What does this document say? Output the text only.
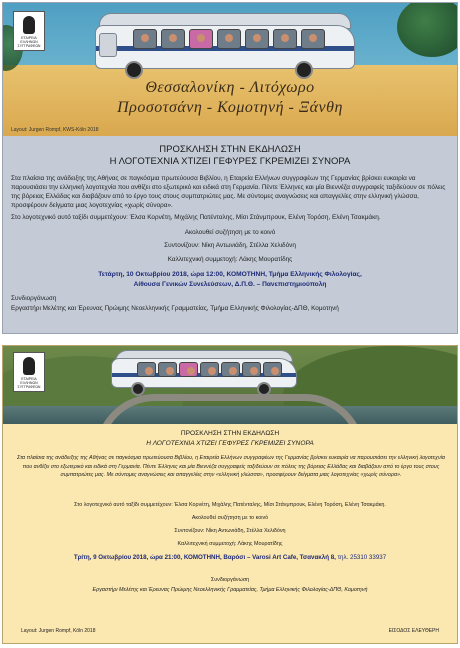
ΕΤΑΙΡΕΙΑ ΕΛΛΗΝΩΝ ΣΥΓΓΡΑΦΕΩΝ
Θεσσαλονίκη - Λιτόχωρο
Προσοτσάνη - Κομοτηνή - Ξάνθη
Layout: Jurgen Rompf, KWS-Köln 2018
ΠΡΟΣΚΛΗΣΗ ΣΤΗΝ ΕΚΔΗΛΩΣΗ
Η ΛΟΓΟΤΕΧΝΙΑ ΧΤΙΖΕΙ ΓΕΦΥΡΕΣ ΓΚΡΕΜΙΖΕΙ ΣΥΝΟΡΑ
Στα πλαίσια της ανάδειξης της Αθήνας σε παγκόσμια πρωτεύουσα Βιβλίου, η Εταιρεία Ελλήνων συγγραφέων της Γερμανίας βρίσκει ευκαιρία να παρουσιάσει την ελληνική λογοτεχνία που ανθίζει στο εξωτερικό και ειδικά στη Γερμανία. Πέντε Έλληνες και μία Βιεννέζα συγγραφείς ταξιδεύουν σε πόλεις της βόρειας Ελλάδας και διαβάζουν από το έργο τους στους συμπατριώτες μας. Με σύντομες αναγνώσεις και απαγγελίες στην ελληνική γλώσσα, προσφέρουν δείγματα μιας λογοτεχνίας «χωρίς σύνορα».
Στο λογοτεχνικό αυτό ταξίδι συμμετέχουν: Έλσα Κορνέτη, Μιχάλης Πατένταλης, Μίσι Στάνμπρουκ, Ελένη Τορόση, Ελένη Τσακμάκη.
Ακολουθεί συζήτηση με το κοινό
Συντονίζουν: Νίκη Αντωνιάδη, Στέλλα Χελιδόνη
Καλλιτεχνική συμμετοχή: Λάκης Μουρατίδης
Τετάρτη, 10 Οκτωβρίου 2018, ώρα 12:00, ΚΟΜΟΤΗΝΗ, Τμήμα Ελληνικής Φιλολογίας,
Αίθουσα Γενικών Συνελεύσεων, Δ.Π.Θ. – Πανεπιστημιούπολη
Συνδιοργάνωση
Εργαστήρι Μελέτης και Έρευνας Πρώιμης Νεοελληνικής Γραμματείας, Τμήμα Ελληνικής Φιλολογίας-ΔΠΘ, Κομοτηνή
ΕΤΑΙΡΕΙΑ ΕΛΛΗΝΩΝ ΣΥΓΓΡΑΦΕΩΝ
ΠΡΟΣΚΛΗΣΗ ΣΤΗΝ ΕΚΔΗΛΩΣΗ
Η ΛΟΓΟΤΕΧΝΙΑ ΧΤΙΖΕΙ ΓΕΦΥΡΕΣ ΓΚΡΕΜΙΖΕΙ ΣΥΝΟΡΑ
Στα πλαίσια της ανάδειξης της Αθήνας σε παγκόσμια πρωτεύουσα Βιβλίου, η Εταιρεία Ελλήνων συγγραφέων της Γερμανίας βρίσκει ευκαιρία να παρουσιάσει την ελληνική λογοτεχνία που ανθίζει στο εξωτερικό και ειδικά στη Γερμανία. Πέντε Έλληνες και μία Βιεννέζα συγγραφείς ταξιδεύουν σε πόλεις της βόρειας Ελλάδας και διαβάζουν από το έργο τους στους συμπατριώτες μας. Με σύντομες αναγνώσεις και απαγγελίες στην «ελληνική γλώσσα», προσφέρουν δείγματα μιας λογοτεχνίας «χωρίς σύνορα».
Στο λογοτεχνικό αυτό ταξίδι συμμετέχουν: Έλσα Κορνέτη, Μιχάλης Πατένταλης, Μίσι Στάνμπρουκ, Ελένη Τορόση, Ελένη Τσακμάκη.
Ακολουθεί συζήτηση με το κοινό
Συντονίζουν: Νίκη Αντωνιάδη, Στέλλα Χελιδόνη
Καλλιτεχνική συμμετοχή: Λάκης Μουρατίδης
Τρίτη, 9 Οκτωβρίου 2018, ώρα 21:00, ΚΟΜΟΤΗΝΗ, Βαρόσι – Varosi Art Cafe, Τσανακλή 8, τηλ. 25310 33937
Συνδιοργάνωση
Εργαστήρι Μελέτης και Έρευνας Πρώιμης Νεοελληνικής Γραμματείας, Τμήμα Ελληνικής Φιλολογίας-ΔΠΘ, Κομοτηνή
Layout: Jurgen Rompf, Köln 2018	ΕΙΣΟΔΟΣ ΕΛΕΥΘΕΡΗ
